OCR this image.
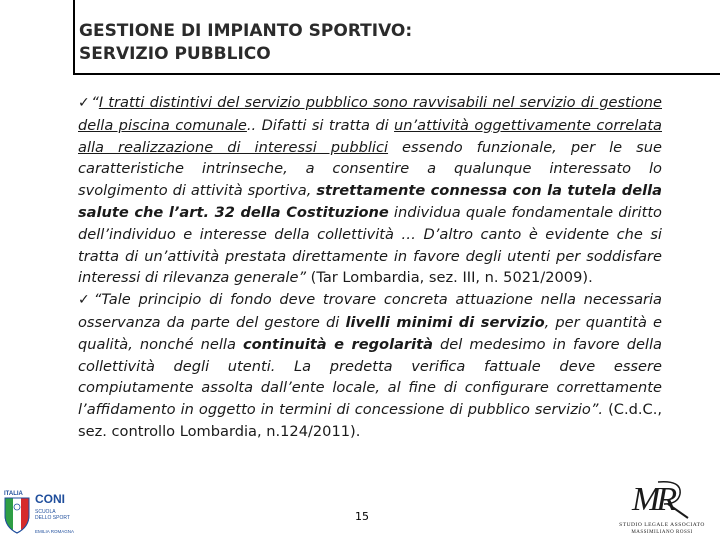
GESTIONE DI IMPIANTO SPORTIVO:
SERVIZIO PUBBLICO

✓“I tratti distintivi del servizio pubblico sono ravvisabili nel servizio di gestione della piscina comunale.. Difatti si tratta di un’attività oggettivamente correlata alla realizzazione di interessi pubblici essendo funzionale, per le sue caratteristiche intrinseche, a consentire a qualunque interessato lo svolgimento di attività sportiva, strettamente connessa con la tutela della salute che l’art. 32 della Costituzione individua quale fondamentale diritto dell’individuo e interesse della collettività … D’altro canto è evidente che si tratta di un’attività prestata direttamente in favore degli utenti per soddisfare interessi di rilevanza generale” (Tar Lombardia, sez. III, n. 5021/2009).

✓“Tale principio di fondo deve trovare concreta attuazione nella necessaria osservanza da parte del gestore di livelli minimi di servizio, per quantità e qualità, nonché nella continuità e regolarità del medesimo in favore della collettività degli utenti. La predetta verifica fattuale deve essere compiutamente assolta dall’ente locale, al fine di configurare correttamente l’affidamento in oggetto in termini di concessione di pubblico servizio”. (C.d.C., sez. controllo Lombardia, n.124/2011).

15
ITALIA CONI
SCUOLA
DELLO SPORT
EMILIA ROMAGNA
MR
STUDIO LEGALE ASSOCIATO
MASSIMILIANO ROSSI
